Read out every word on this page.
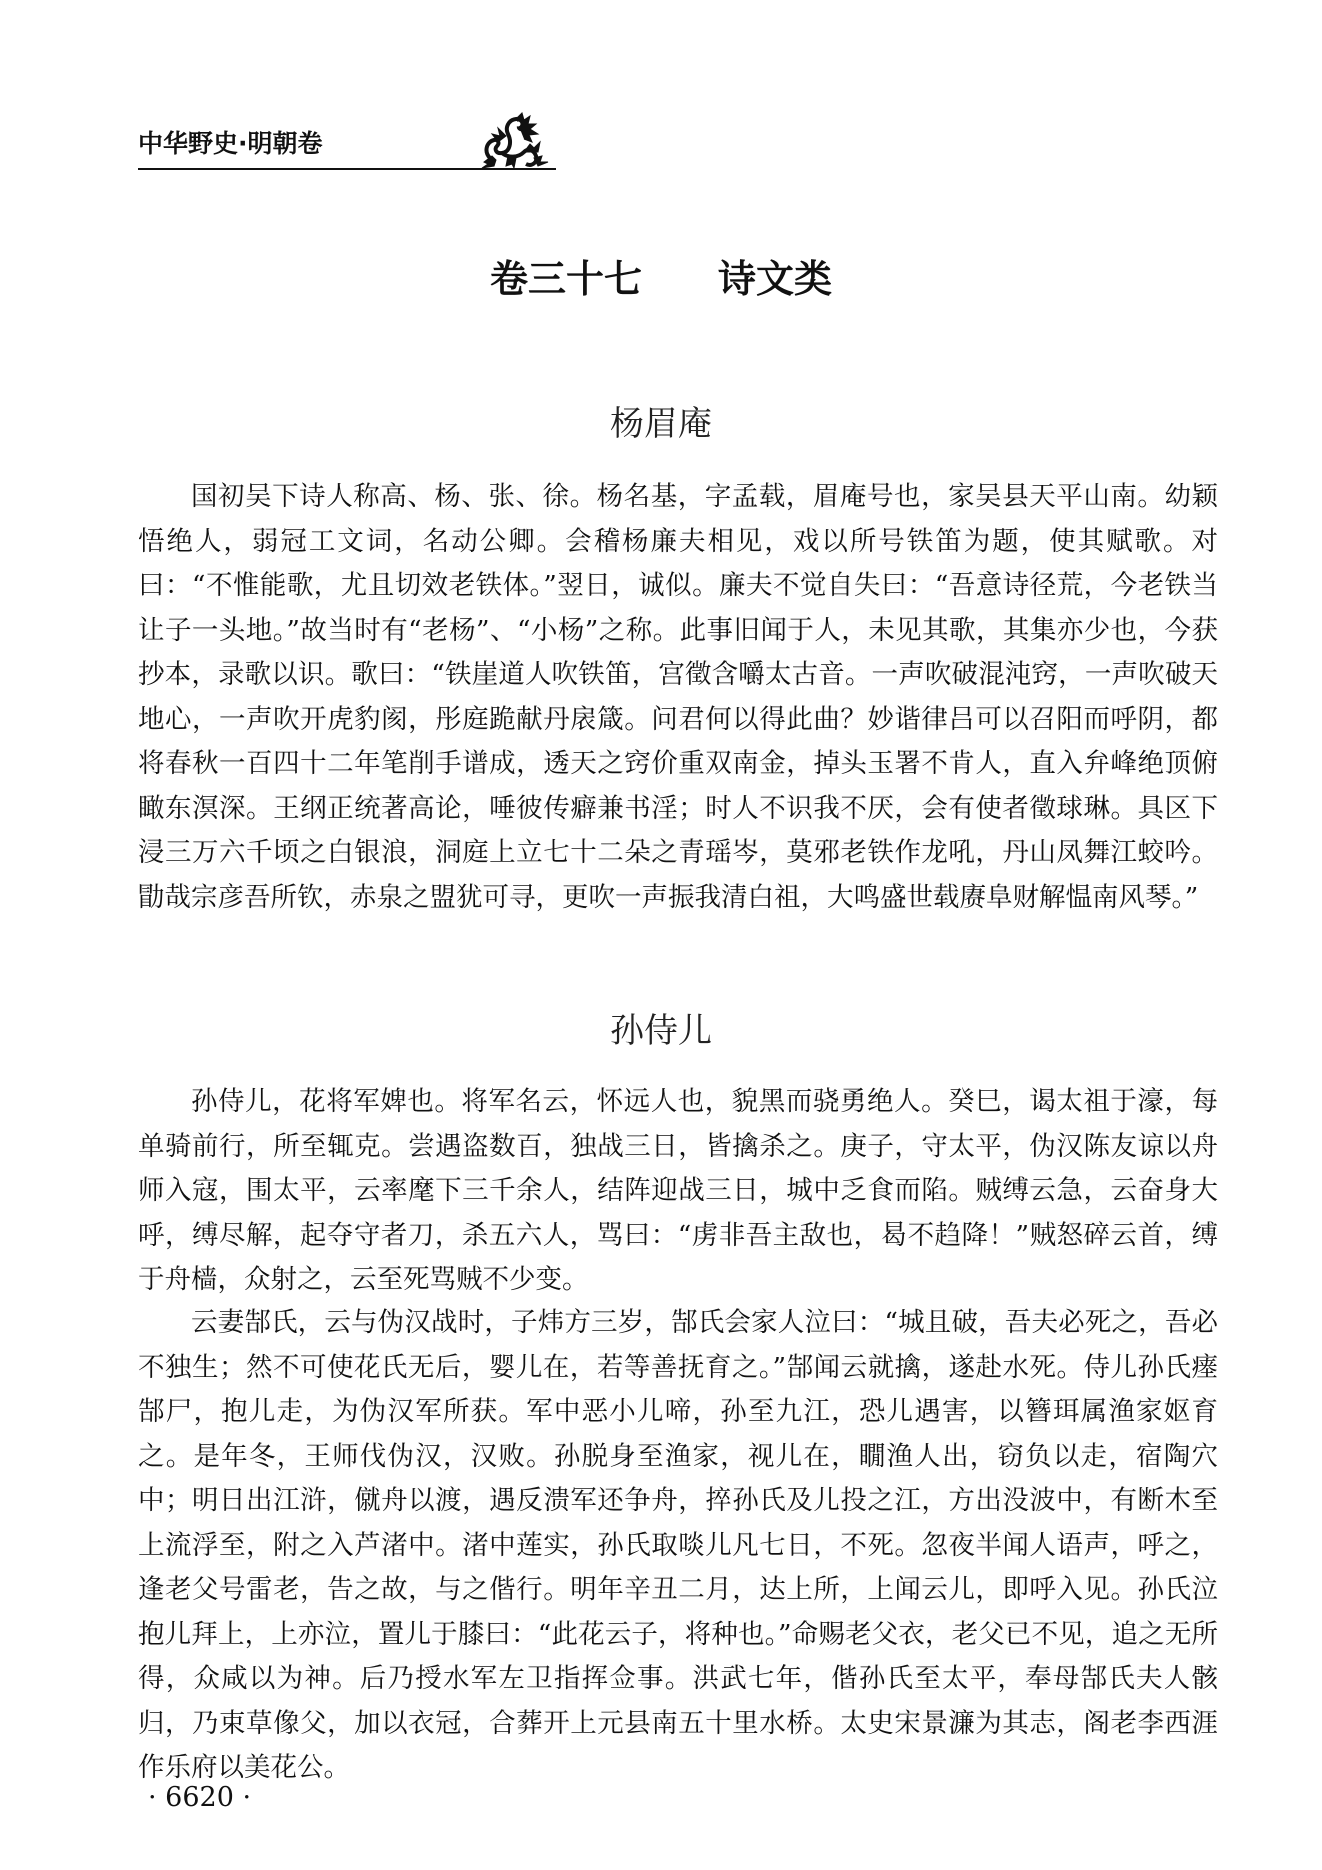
中华野史·明朝卷
卷三十七　　诗文类
杨眉庵

国初吴下诗人称高、杨、张、徐。杨名基，字孟载，眉庵号也，家吴县天平山南。幼颖悟绝人，弱冠工文词，名动公卿。会稽杨廉夫相见，戏以所号铁笛为题，使其赋歌。对曰：“不惟能歌，尤且切效老铁体。”翌日，诚似。廉夫不觉自失曰：“吾意诗径荒，今老铁当让子一头地。”故当时有“老杨”、“小杨”之称。此事旧闻于人，未见其歌，其集亦少也，今获抄本，录歌以识。歌曰：“铁崖道人吹铁笛，宫徵含嚼太古音。一声吹破混沌窍，一声吹破天地心，一声吹开虎豹阂，彤庭跪献丹扆箴。问君何以得此曲？妙谐律吕可以召阳而呼阴，都将春秋一百四十二年笔削手谱成，透天之窍价重双南金，掉头玉署不肯人，直入弁峰绝顶俯瞰东溟深。王纲正统著高论，唾彼传癖兼书淫；时人不识我不厌，会有使者徵球琳。具区下浸三万六千顷之白银浪，洞庭上立七十二朵之青瑶岑，莫邪老铁作龙吼，丹山凤舞江蛟吟。勖哉宗彦吾所钦，赤泉之盟犹可寻，更吹一声振我清白祖，大鸣盛世载赓阜财解愠南风琴。”

孙侍儿

孙侍儿，花将军婢也。将军名云，怀远人也，貌黑而骁勇绝人。癸巳，谒太祖于濠，每单骑前行，所至辄克。尝遇盗数百，独战三日，皆擒杀之。庚子，守太平，伪汉陈友谅以舟师入寇，围太平，云率麾下三千余人，结阵迎战三日，城中乏食而陷。贼缚云急，云奋身大呼，缚尽解，起夺守者刀，杀五六人，骂曰：“虏非吾主敌也，曷不趋降！”贼怒碎云首，缚于舟樯，众射之，云至死骂贼不少变。

云妻郜氏，云与伪汉战时，子炜方三岁，郜氏会家人泣曰：“城且破，吾夫必死之，吾必不独生；然不可使花氏无后，婴儿在，若等善抚育之。”郜闻云就擒，遂赴水死。侍儿孙氏瘗郜尸，抱儿走，为伪汉军所获。军中恶小儿啼，孙至九江，恐儿遇害，以簪珥属渔家妪育之。是年冬，王师伐伪汉，汉败。孙脱身至渔家，视儿在，瞯渔人出，窃负以走，宿陶穴中；明日出江浒，僦舟以渡，遇反溃军还争舟，捽孙氏及儿投之江，方出没波中，有断木至上流浮至，附之入芦渚中。渚中莲实，孙氏取啖儿凡七日，不死。忽夜半闻人语声，呼之，逢老父号雷老，告之故，与之偕行。明年辛丑二月，达上所，上闻云儿，即呼入见。孙氏泣抱儿拜上，上亦泣，置儿于膝曰：“此花云子，将种也。”命赐老父衣，老父已不见，追之无所得，众咸以为神。后乃授水军左卫指挥佥事。洪武七年，偕孙氏至太平，奉母郜氏夫人骸归，乃束草像父，加以衣冠，合葬开上元县南五十里水桥。太史宋景濂为其志，阁老李西涯作乐府以美花公。

· 6620 ·
